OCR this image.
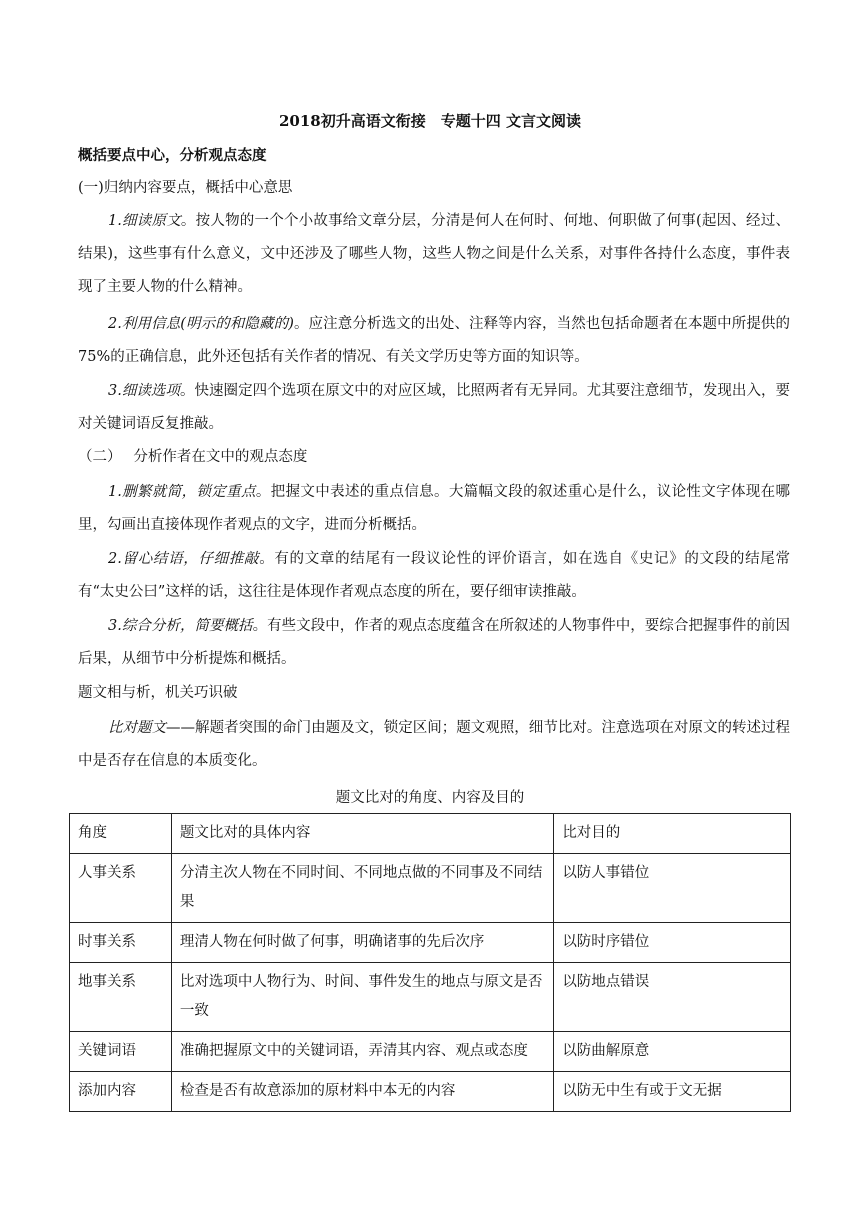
2018初升高语文衔接　专题十四 文言文阅读
概括要点中心，分析观点态度
(一)归纳内容要点，概括中心意思
1.细读原文。按人物的一个个小故事给文章分层，分清是何人在何时、何地、何职做了何事(起因、经过、结果)，这些事有什么意义，文中还涉及了哪些人物，这些人物之间是什么关系，对事件各持什么态度，事件表现了主要人物的什么精神。
2.利用信息(明示的和隐藏的)。应注意分析选文的出处、注释等内容，当然也包括命题者在本题中所提供的75%的正确信息，此外还包括有关作者的情况、有关文学历史等方面的知识等。
3.细读选项。快速圈定四个选项在原文中的对应区域，比照两者有无异同。尤其要注意细节，发现出入，要对关键词语反复推敲。
（二）　 分析作者在文中的观点态度
1.删繁就简，锁定重点。把握文中表述的重点信息。大篇幅文段的叙述重心是什么，议论性文字体现在哪里，勾画出直接体现作者观点的文字，进而分析概括。
2.留心结语，仔细推敲。有的文章的结尾有一段议论性的评价语言，如在选自《史记》的文段的结尾常有“太史公曰”这样的话，这往往是体现作者观点态度的所在，要仔细审读推敲。
3.综合分析，简要概括。有些文段中，作者的观点态度蕴含在所叙述的人物事件中，要综合把握事件的前因后果，从细节中分析提炼和概括。
题文相与析，机关巧识破
比对题文——解题者突围的命门由题及文，锁定区间；题文观照，细节比对。注意选项在对原文的转述过程中是否存在信息的本质变化。
题文比对的角度、内容及目的
角度	题文比对的具体内容	比对目的
人事关系	分清主次人物在不同时间、不同地点做的不同事及不同结果	以防人事错位
时事关系	理清人物在何时做了何事，明确诸事的先后次序	以防时序错位
地事关系	比对选项中人物行为、时间、事件发生的地点与原文是否一致	以防地点错误
关键词语	准确把握原文中的关键词语，弄清其内容、观点或态度	以防曲解原意
添加内容	检查是否有故意添加的原材料中本无的内容	以防无中生有或于文无据
